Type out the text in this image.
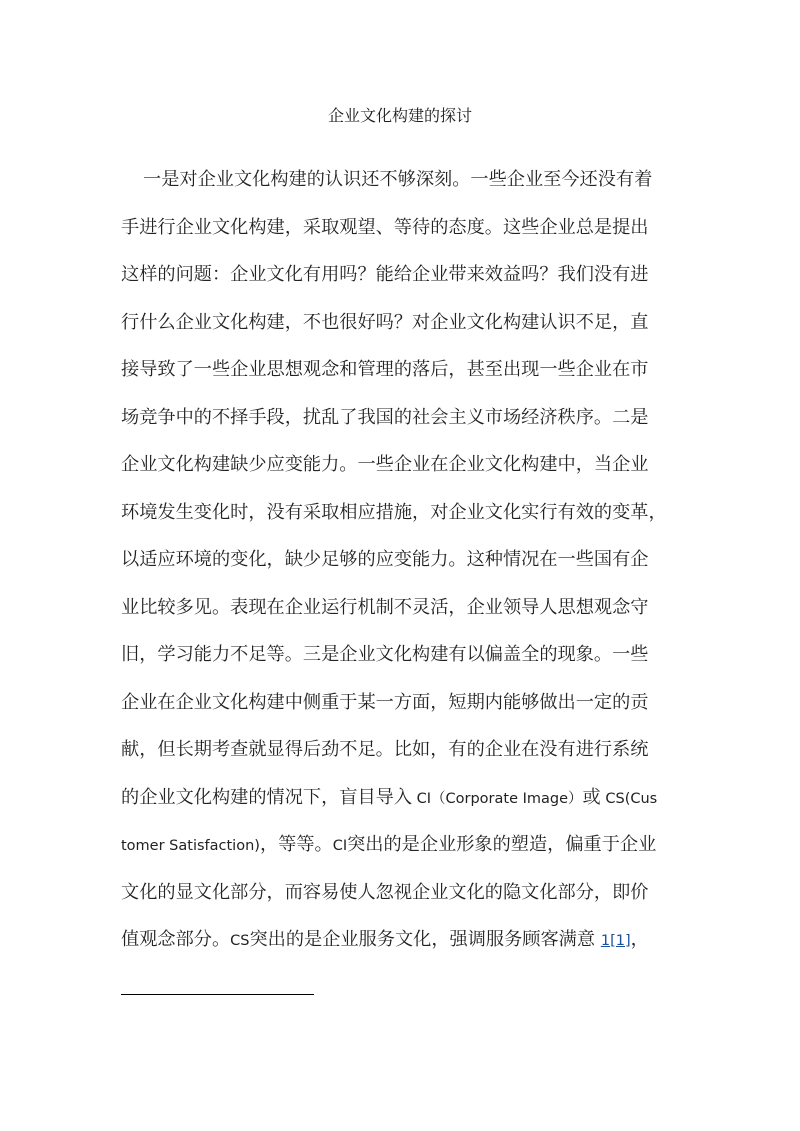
企业文化构建的探讨
一是对企业文化构建的认识还不够深刻。一些企业至今还没有着
手进行企业文化构建，采取观望、等待的态度。这些企业总是提出
这样的问题：企业文化有用吗？能给企业带来效益吗？我们没有进
行什么企业文化构建，不也很好吗？对企业文化构建认识不足，直
接导致了一些企业思想观念和管理的落后，甚至出现一些企业在市
场竞争中的不择手段，扰乱了我国的社会主义市场经济秩序。二是
企业文化构建缺少应变能力。一些企业在企业文化构建中，当企业
环境发生变化时，没有采取相应措施，对企业文化实行有效的变革，
以适应环境的变化，缺少足够的应变能力。这种情况在一些国有企
业比较多见。表现在企业运行机制不灵活，企业领导人思想观念守
旧，学习能力不足等。三是企业文化构建有以偏盖全的现象。一些
企业在企业文化构建中侧重于某一方面，短期内能够做出一定的贡
献，但长期考查就显得后劲不足。比如，有的企业在没有进行系统
的企业文化构建的情况下，盲目导入 CI（Corporate Image）或 CS(Cus
tomer Satisfaction)，等等。CI突出的是企业形象的塑造，偏重于企业
文化的显文化部分，而容易使人忽视企业文化的隐文化部分，即价
值观念部分。CS突出的是企业服务文化，强调服务顾客满意 1[1]，
